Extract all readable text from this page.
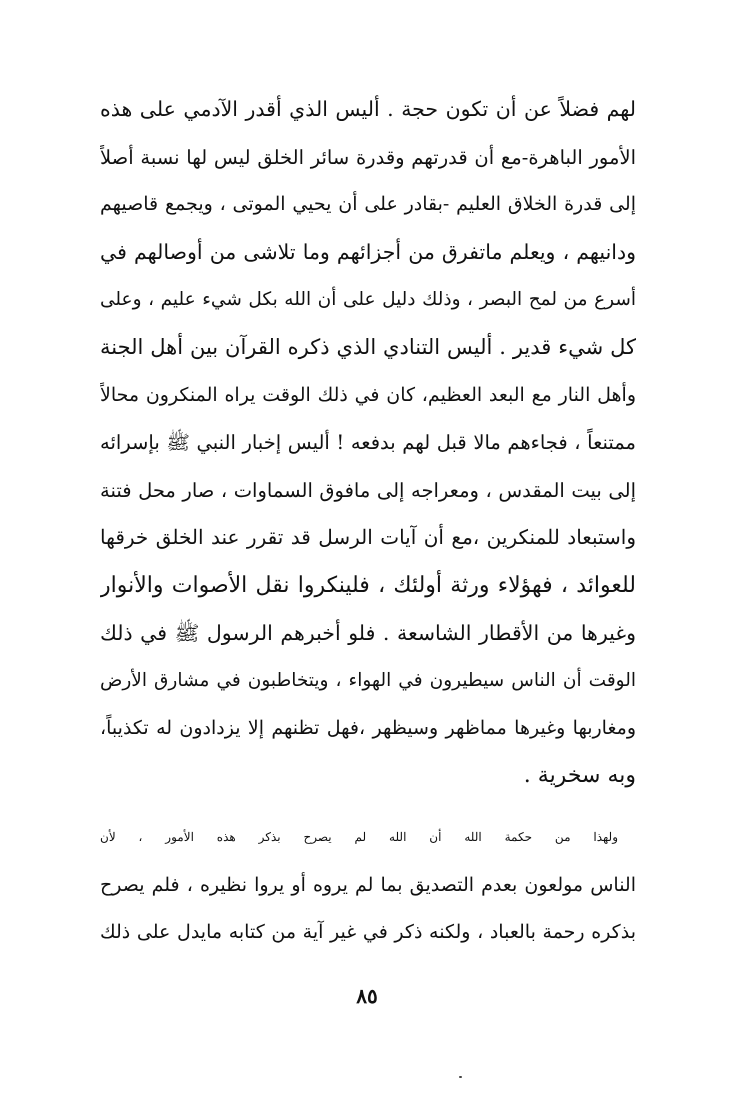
لهم فضلاً عن أن تكون حجة . أليس الذي أقدر الآدمي على هذه
الأمور الباهرة-مع أن قدرتهم وقدرة سائر الخلق ليس لها نسبة أصلاً
إلى قدرة الخلاق العليم -بقادر على أن يحيي الموتى ، ويجمع قاصيهم
ودانيهم ، ويعلم ماتفرق من أجزائهم وما تلاشى من أوصالهم في
أسرع من لمح البصر ، وذلك دليل على أن الله بكل شيء عليم ، وعلى
كل شيء قدير . أليس التنادي الذي ذكره القرآن بين أهل الجنة
وأهل النار مع البعد العظيم، كان في ذلك الوقت يراه المنكرون محالاً
ممتنعاً ، فجاءهم مالا قبل لهم بدفعه ! أليس إخبار النبي ﷺ بإسرائه
إلى بيت المقدس ، ومعراجه إلى مافوق السماوات ، صار محل فتنة
واستبعاد للمنكرين ،مع أن آيات الرسل قد تقرر عند الخلق خرقها
للعوائد ، فهؤلاء ورثة أولئك ، فلينكروا نقل الأصوات والأنوار
وغيرها من الأقطار الشاسعة . فلو أخبرهم الرسول ﷺ في ذلك
الوقت أن الناس سيطيرون في الهواء ، ويتخاطبون في مشارق الأرض
ومغاربها وغيرها مماظهر وسيظهر ،فهل تظنهم إلا يزدادون له تكذيباً،
وبه سخرية .
ولهذا من حكمة الله أن الله لم يصرح بذكر هذه الأمور ، لأن
الناس مولعون بعدم التصديق بما لم يروه أو يروا نظيره ، فلم يصرح
بذكره رحمة بالعباد ، ولكنه ذكر في غير آية من كتابه مايدل على ذلك
٨٥
